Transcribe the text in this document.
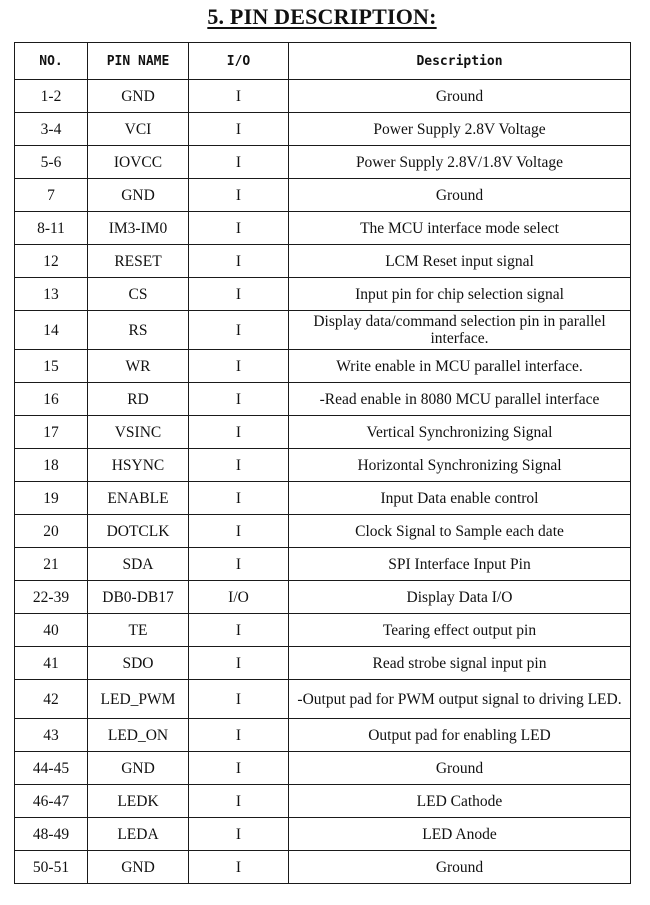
5. PIN DESCRIPTION:
NO.	PIN NAME	I/O	Description
1-2	GND	I	Ground
3-4	VCI	I	Power Supply 2.8V Voltage
5-6	IOVCC	I	Power Supply 2.8V/1.8V Voltage
7	GND	I	Ground
8-11	IM3-IM0	I	The MCU interface mode select
12	RESET	I	LCM Reset input signal
13	CS	I	Input pin for chip selection signal
14	RS	I	Display data/command selection pin in parallel interface.
15	WR	I	Write enable in MCU parallel interface.
16	RD	I	-Read enable in 8080 MCU parallel interface
17	VSINC	I	Vertical Synchronizing Signal
18	HSYNC	I	Horizontal Synchronizing Signal
19	ENABLE	I	Input Data enable control
20	DOTCLK	I	Clock Signal to Sample each date
21	SDA	I	SPI Interface Input Pin
22-39	DB0-DB17	I/O	Display Data I/O
40	TE	I	Tearing effect output pin
41	SDO	I	Read strobe signal input pin
42	LED_PWM	I	-Output pad for PWM output signal to driving LED.
43	LED_ON	I	Output pad for enabling LED
44-45	GND	I	Ground
46-47	LEDK	I	LED Cathode
48-49	LEDA	I	LED Anode
50-51	GND	I	Ground
